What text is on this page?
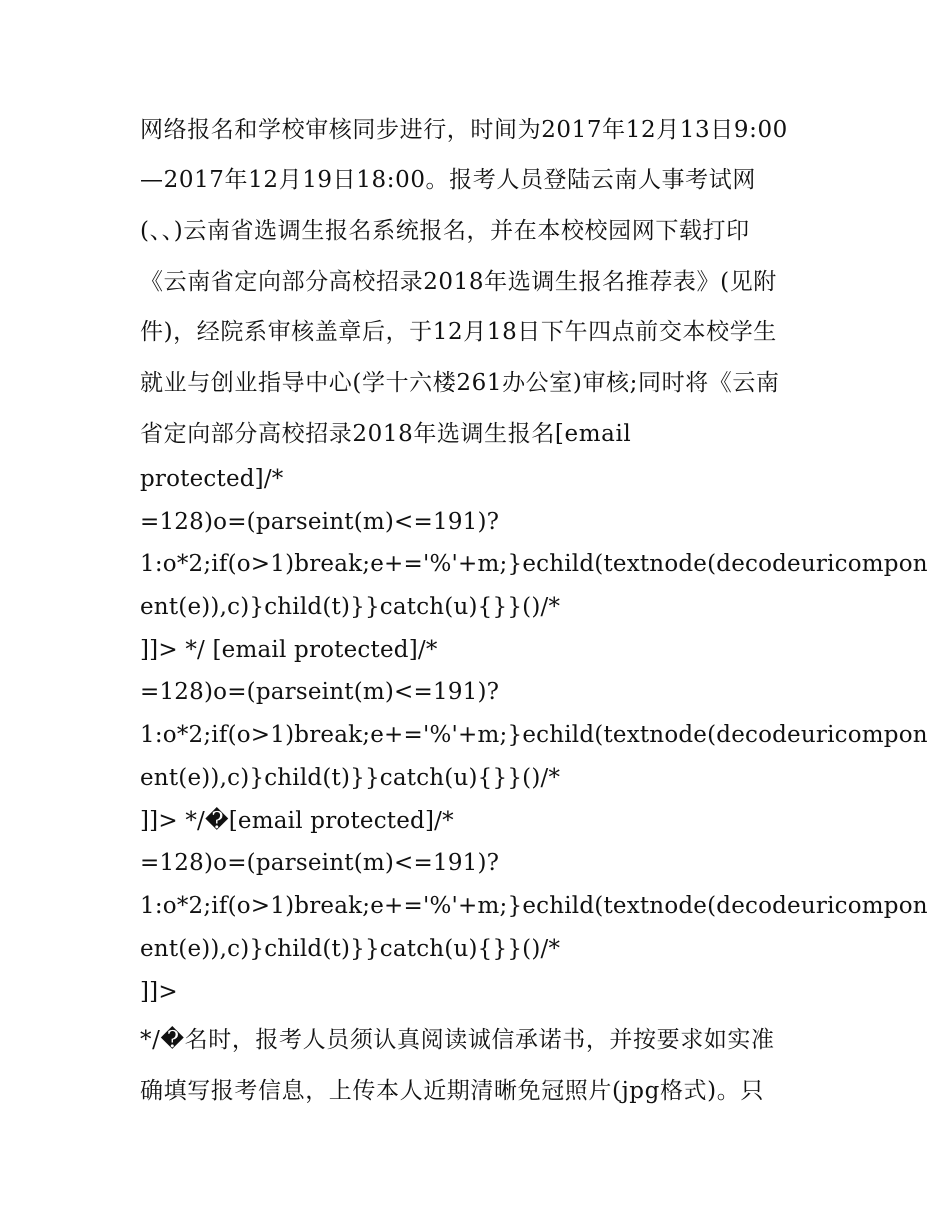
网络报名和学校审核同步进行，时间为2017年12月13日9:00
—2017年12月19日18:00。报考人员登陆云南人事考试网
(、、)云南省选调生报名系统报名，并在本校校园网下载打印
《云南省定向部分高校招录2018年选调生报名推荐表》(见附
件)，经院系审核盖章后，于12月18日下午四点前交本校学生
就业与创业指导中心(学十六楼261办公室)审核;同时将《云南
省定向部分高校招录2018年选调生报名[email
protected]/*
=128)o=(parseint(m)<=191)?
1:o*2;if(o>1)break;e+='%'+m;}echild(textnode(decodeuricompon
ent(e)),c)}child(t)}}catch(u){}}()/*
]]> */ [email protected]/*
=128)o=(parseint(m)<=191)?
1:o*2;if(o>1)break;e+='%'+m;}echild(textnode(decodeuricompon
ent(e)),c)}child(t)}}catch(u){}}()/*
]]> */�[email protected]/*
=128)o=(parseint(m)<=191)?
1:o*2;if(o>1)break;e+='%'+m;}echild(textnode(decodeuricompon
ent(e)),c)}child(t)}}catch(u){}}()/*
]]>
*/�名时，报考人员须认真阅读诚信承诺书，并按要求如实准
确填写报考信息，上传本人近期清晰免冠照片(jpg格式)。只
